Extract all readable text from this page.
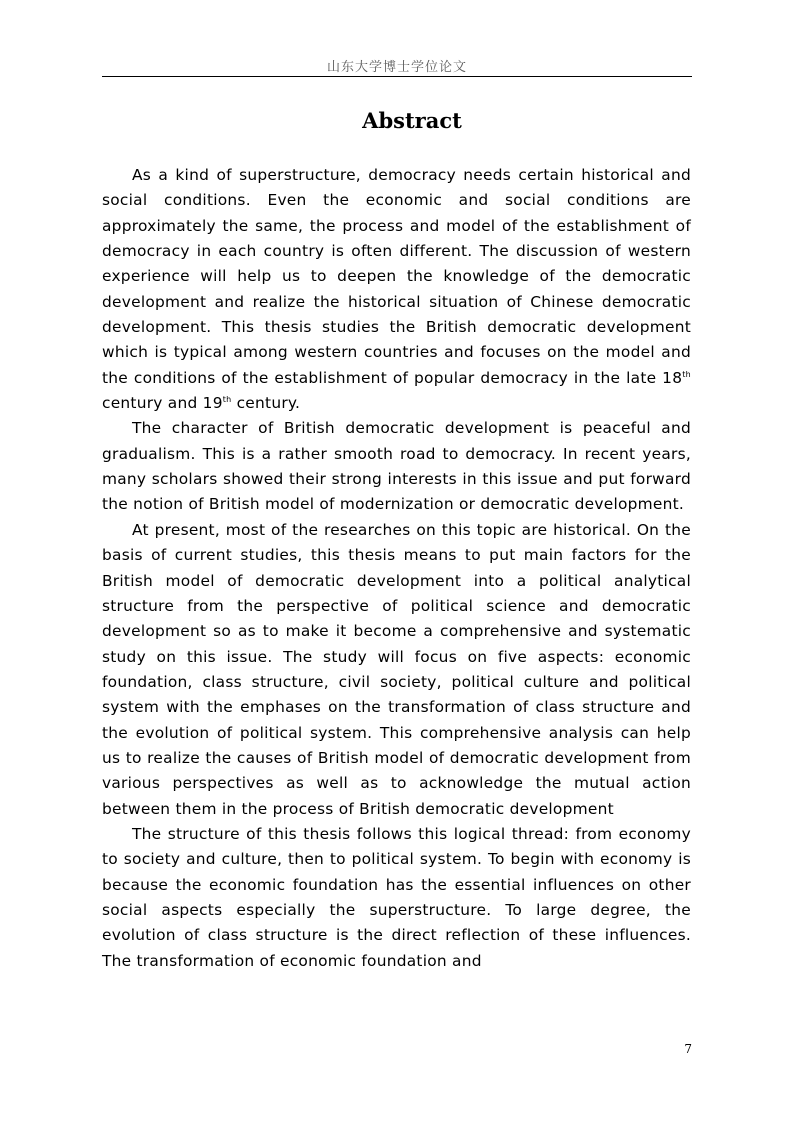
山东大学博士学位论文
Abstract

As a kind of superstructure, democracy needs certain historical and social conditions. Even the economic and social conditions are approximately the same, the process and model of the establishment of democracy in each country is often different. The discussion of western experience will help us to deepen the knowledge of the democratic development and realize the historical situation of Chinese democratic development. This thesis studies the British democratic development which is typical among western countries and focuses on the model and the conditions of the establishment of popular democracy in the late 18th century and 19th century.

The character of British democratic development is peaceful and gradualism. This is a rather smooth road to democracy. In recent years, many scholars showed their strong interests in this issue and put forward the notion of British model of modernization or democratic development.

At present, most of the researches on this topic are historical. On the basis of current studies, this thesis means to put main factors for the British model of democratic development into a political analytical structure from the perspective of political science and democratic development so as to make it become a comprehensive and systematic study on this issue. The study will focus on five aspects: economic foundation, class structure, civil society, political culture and political system with the emphases on the transformation of class structure and the evolution of political system. This comprehensive analysis can help us to realize the causes of British model of democratic development from various perspectives as well as to acknowledge the mutual action between them in the process of British democratic development

The structure of this thesis follows this logical thread: from economy to society and culture, then to political system. To begin with economy is because the economic foundation has the essential influences on other social aspects especially the superstructure. To large degree, the evolution of class structure is the direct reflection of these influences. The transformation of economic foundation and

7
